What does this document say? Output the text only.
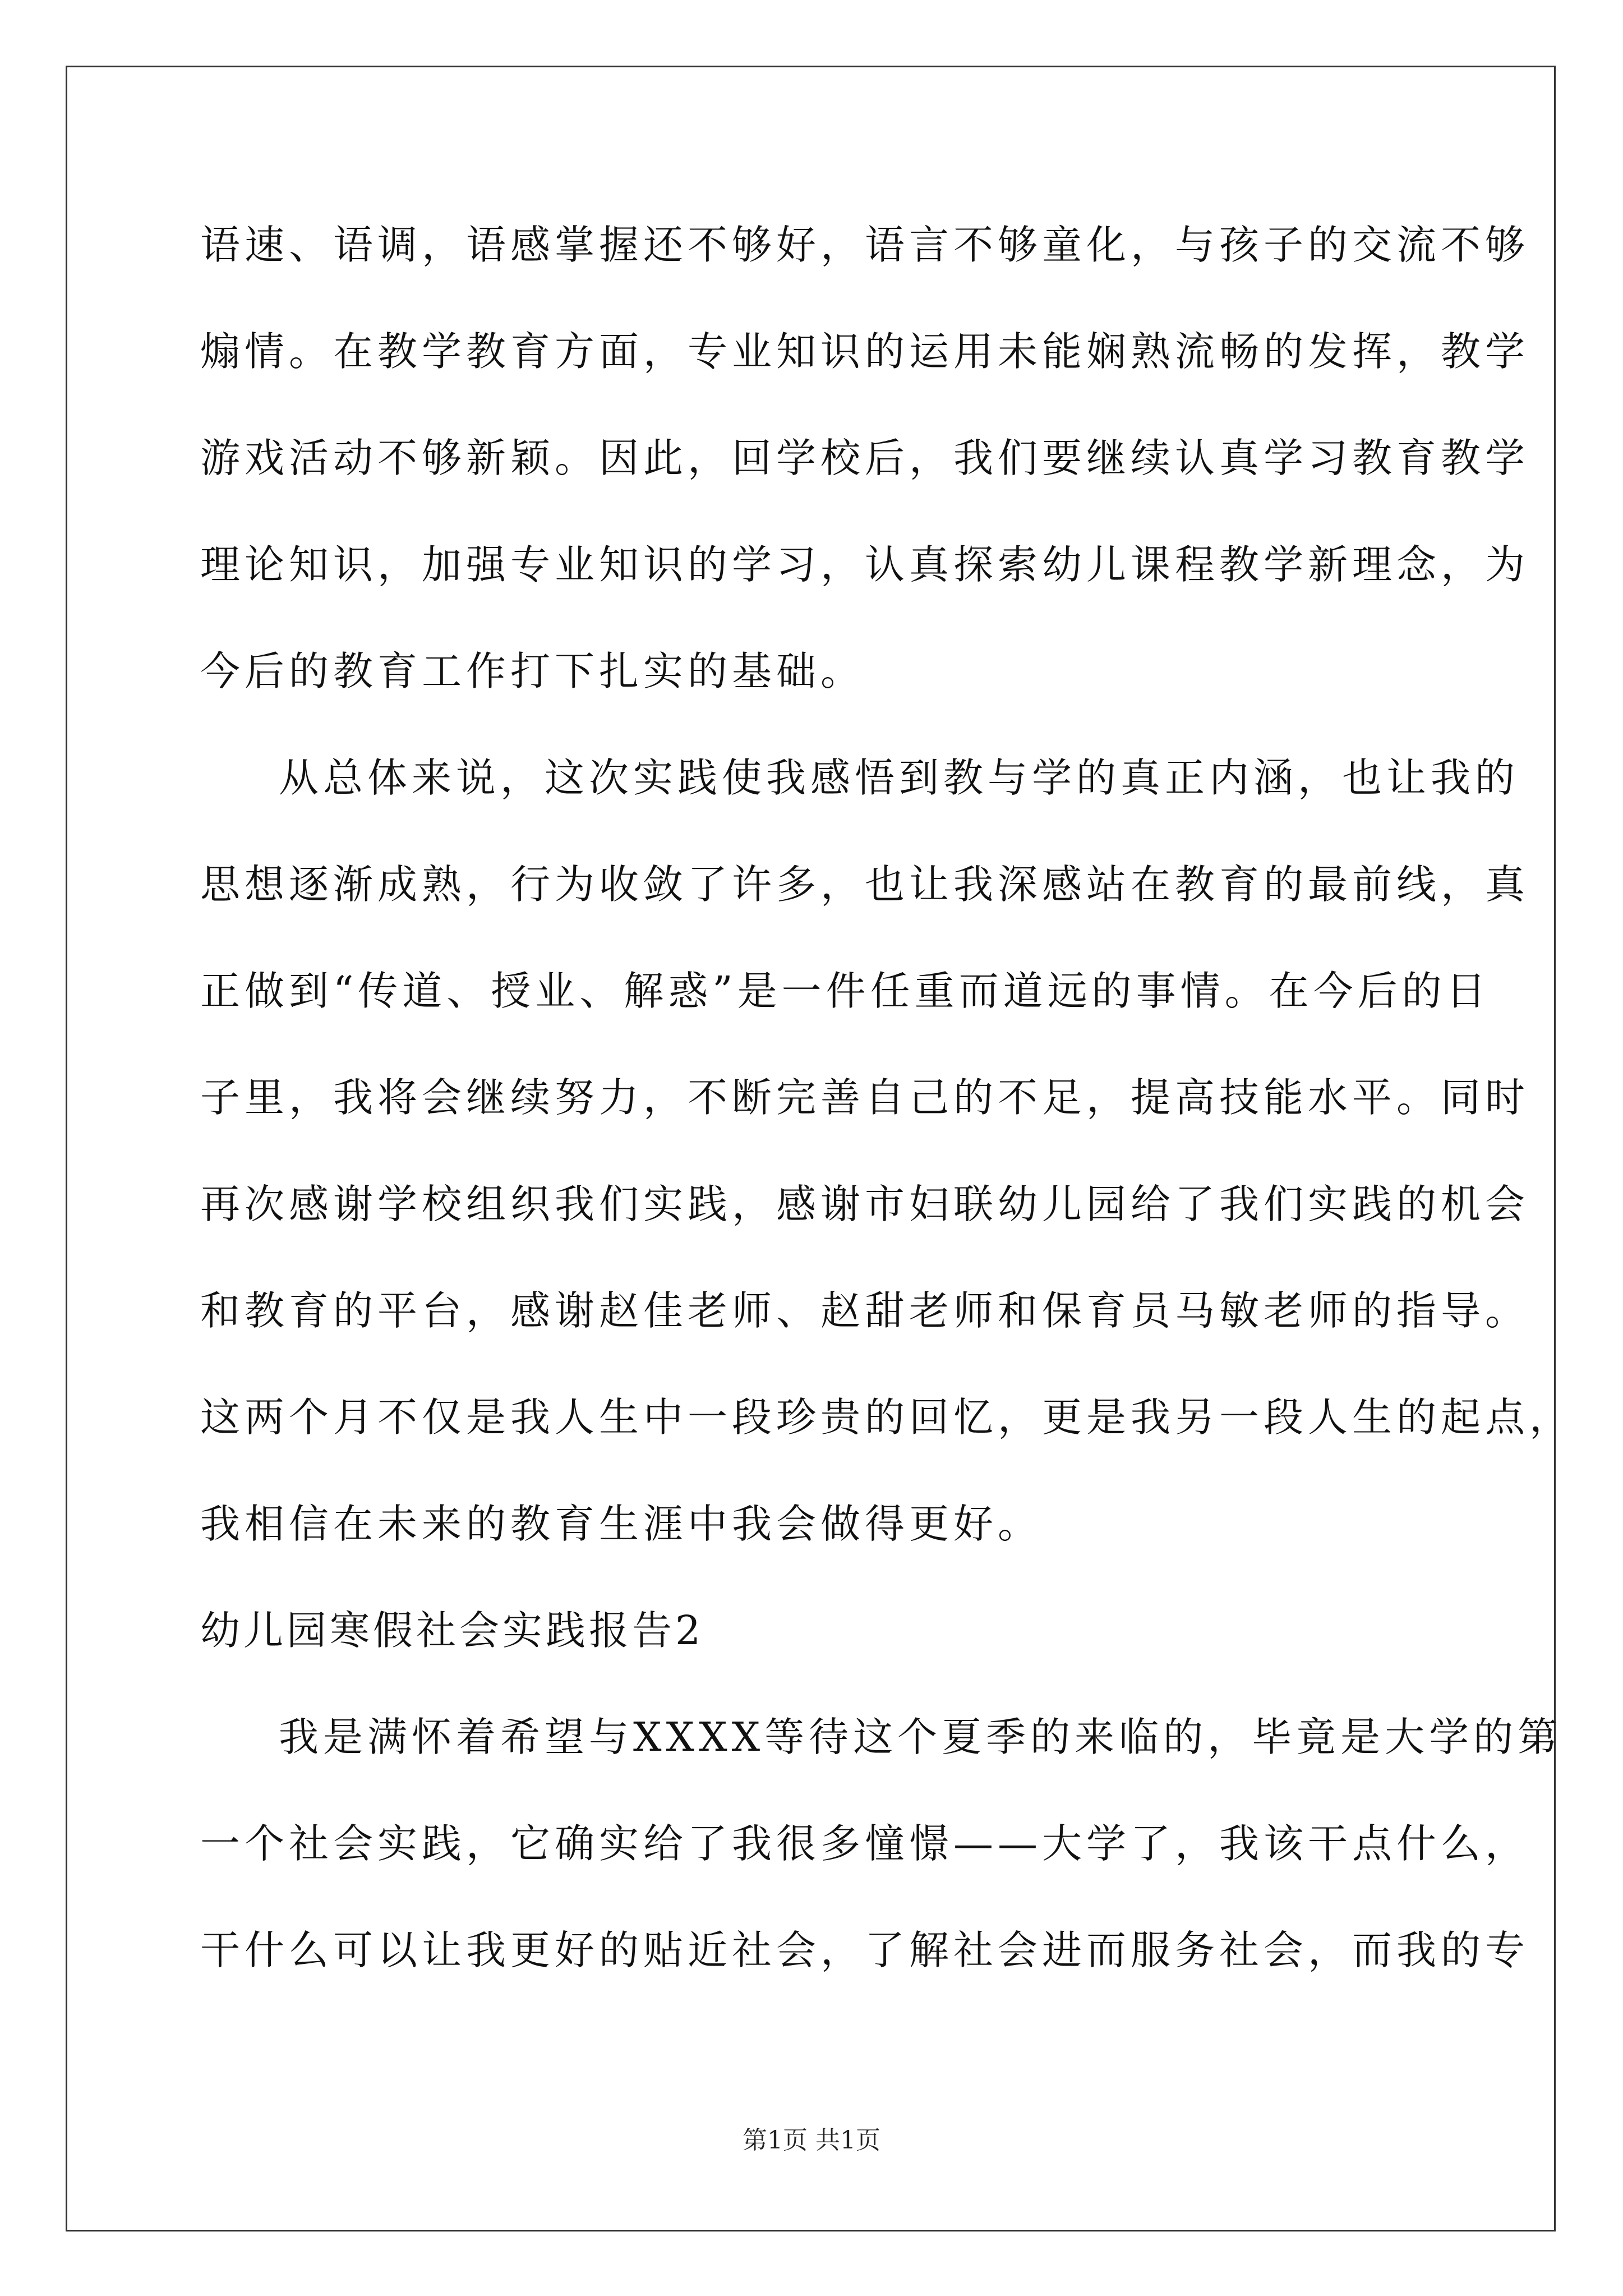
语速、语调，语感掌握还不够好，语言不够童化，与孩子的交流不够
煽情。在教学教育方面，专业知识的运用未能娴熟流畅的发挥，教学
游戏活动不够新颖。因此，回学校后，我们要继续认真学习教育教学
理论知识，加强专业知识的学习，认真探索幼儿课程教学新理念，为
今后的教育工作打下扎实的基础。
从总体来说，这次实践使我感悟到教与学的真正内涵，也让我的
思想逐渐成熟，行为收敛了许多，也让我深感站在教育的最前线，真
正做到“传道、授业、解惑”是一件任重而道远的事情。在今后的日
子里，我将会继续努力，不断完善自己的不足，提高技能水平。同时
再次感谢学校组织我们实践，感谢市妇联幼儿园给了我们实践的机会
和教育的平台，感谢赵佳老师、赵甜老师和保育员马敏老师的指导。
这两个月不仅是我人生中一段珍贵的回忆，更是我另一段人生的起点，
我相信在未来的教育生涯中我会做得更好。
幼儿园寒假社会实践报告2
我是满怀着希望与XXXX等待这个夏季的来临的，毕竟是大学的第
一个社会实践，它确实给了我很多憧憬——大学了，我该干点什么，
干什么可以让我更好的贴近社会，了解社会进而服务社会，而我的专
第1页 共1页
